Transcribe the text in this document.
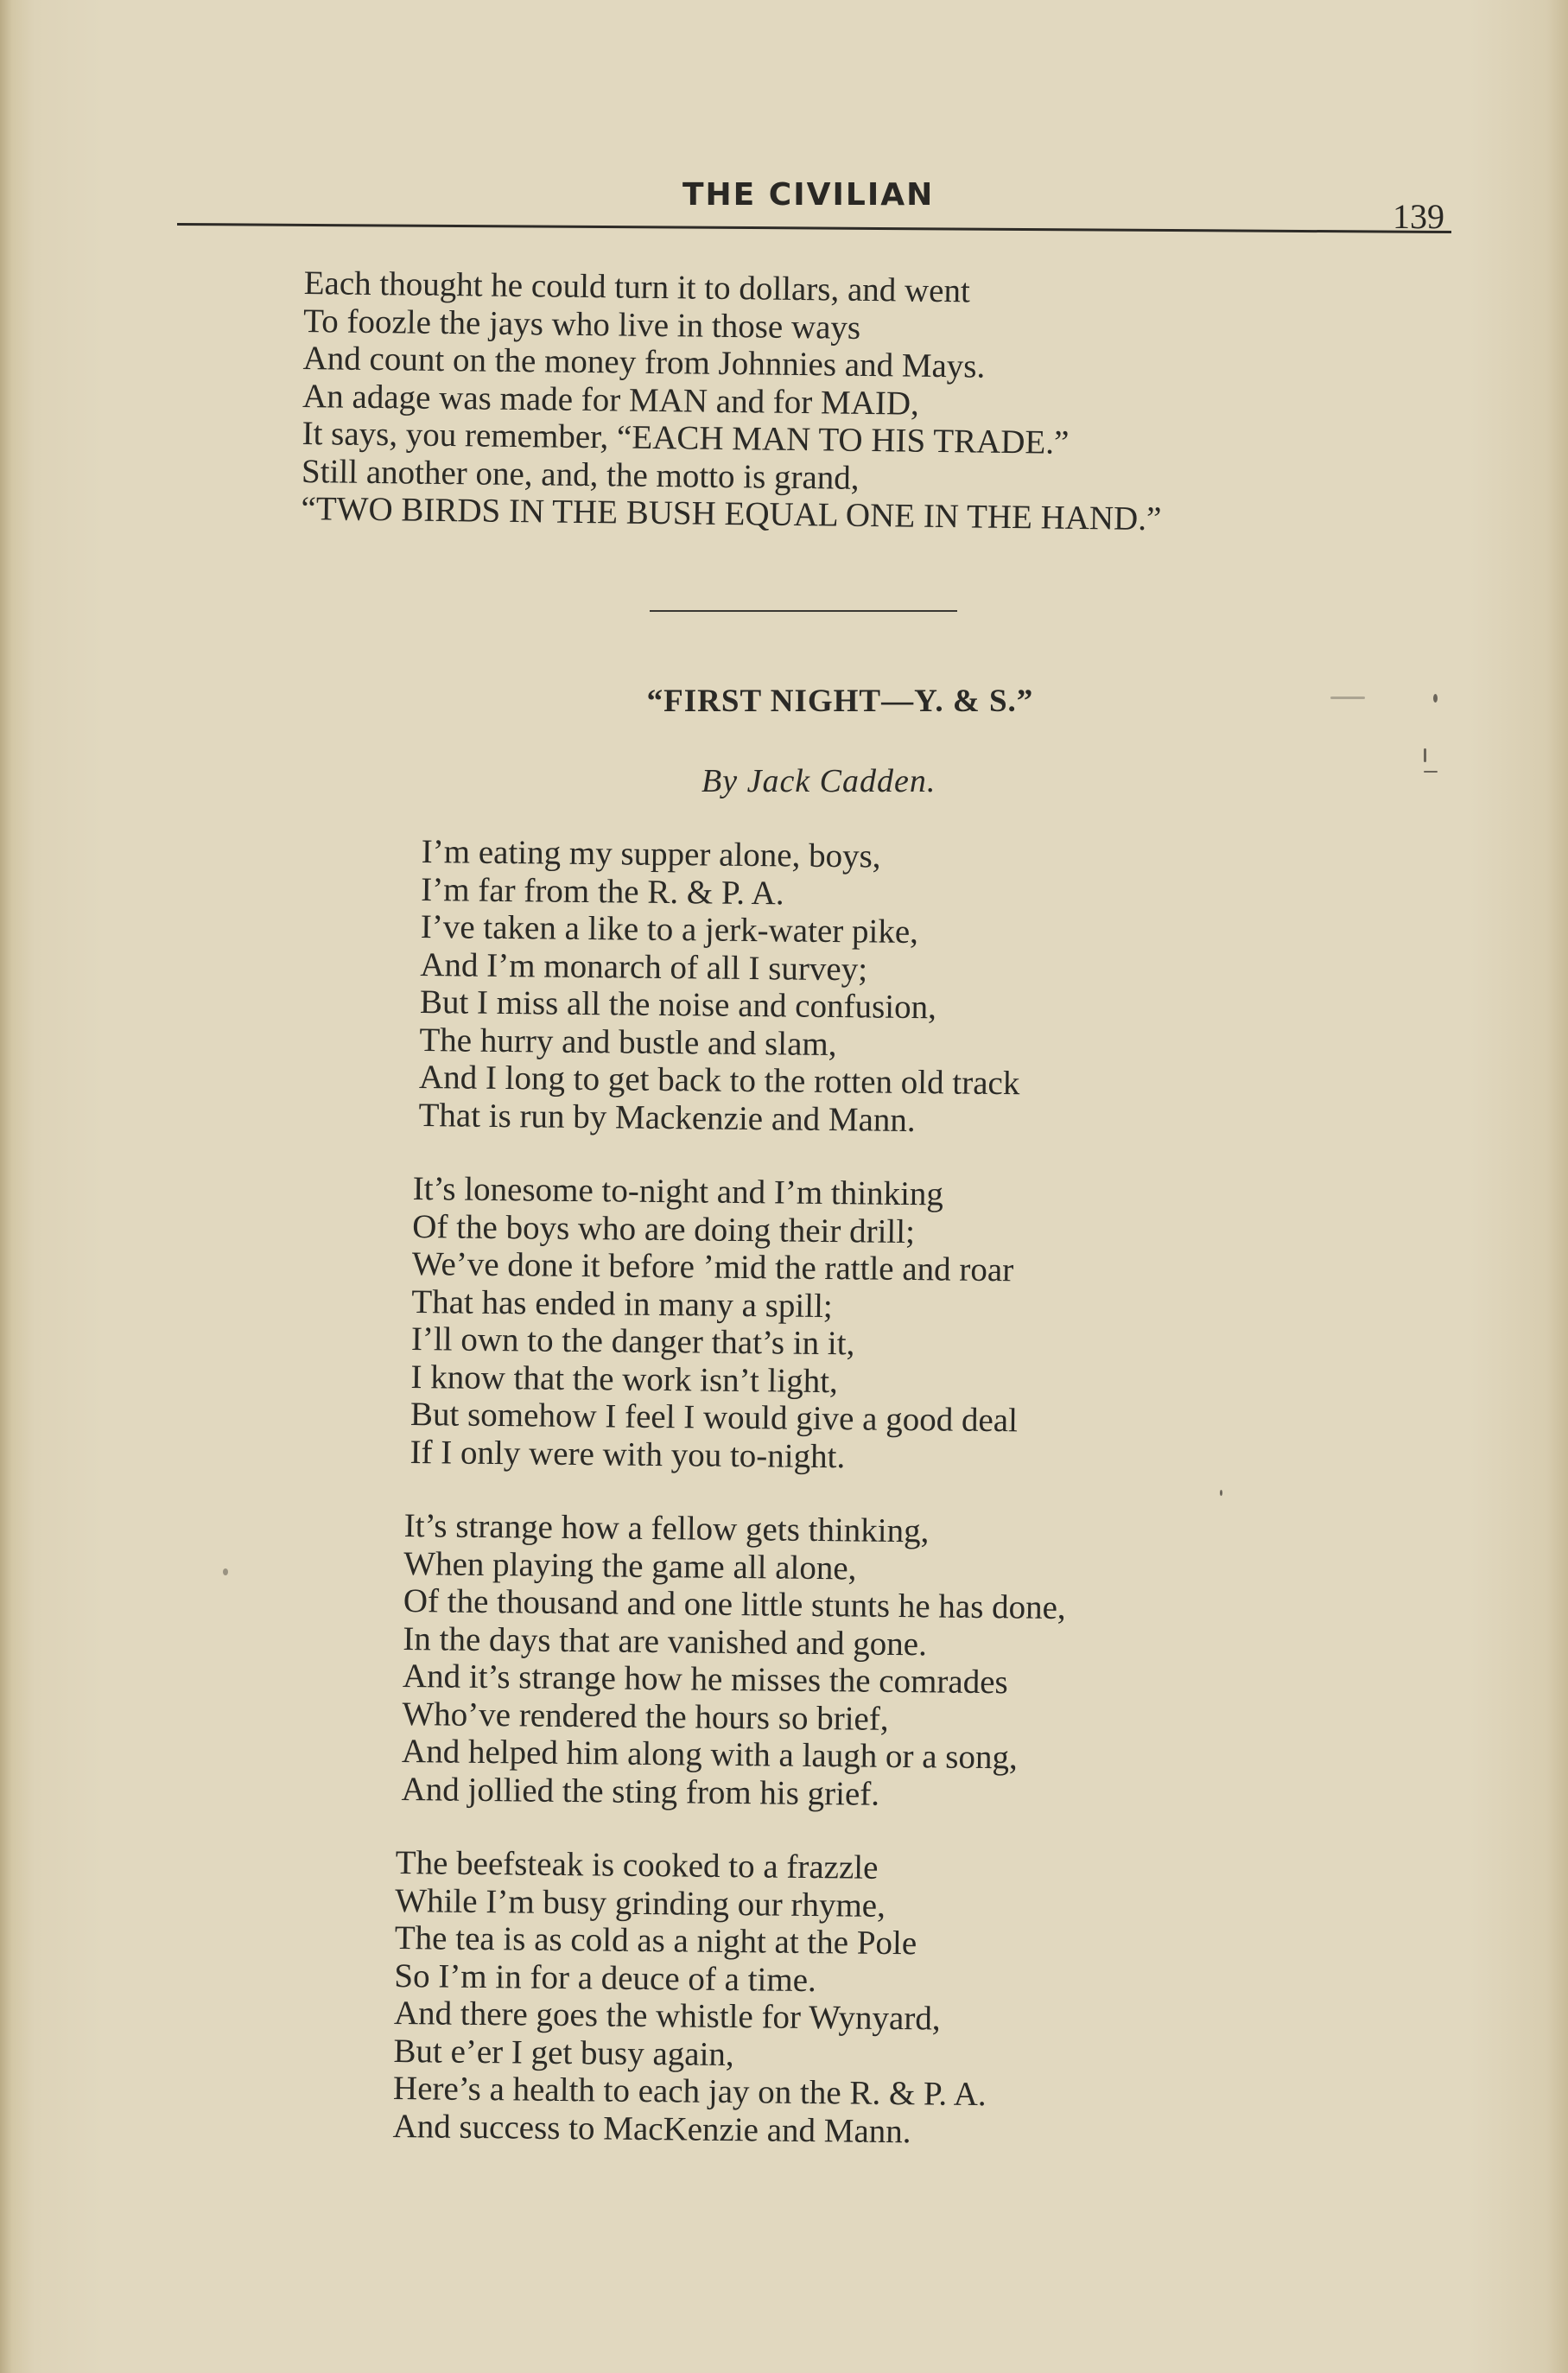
THE CIVILIAN
139
Each thought he could turn it to dollars, and went
To foozle the jays who live in those ways
And count on the money from Johnnies and Mays.
An adage was made for MAN and for MAID,
It says, you remember, “EACH MAN TO HIS TRADE.”
Still another one, and, the motto is grand,
“TWO BIRDS IN THE BUSH EQUAL ONE IN THE HAND.”
“FIRST NIGHT—Y. & S.”
By Jack Cadden.
I’m eating my supper alone, boys,
I’m far from the R. & P. A.
I’ve taken a like to a jerk-water pike,
And I’m monarch of all I survey;
But I miss all the noise and confusion,
The hurry and bustle and slam,
And I long to get back to the rotten old track
That is run by Mackenzie and Mann.
It’s lonesome to-night and I’m thinking
Of the boys who are doing their drill;
We’ve done it before ’mid the rattle and roar
That has ended in many a spill;
I’ll own to the danger that’s in it,
I know that the work isn’t light,
But somehow I feel I would give a good deal
If I only were with you to-night.
It’s strange how a fellow gets thinking,
When playing the game all alone,
Of the thousand and one little stunts he has done,
In the days that are vanished and gone.
And it’s strange how he misses the comrades
Who’ve rendered the hours so brief,
And helped him along with a laugh or a song,
And jollied the sting from his grief.
The beefsteak is cooked to a frazzle
While I’m busy grinding our rhyme,
The tea is as cold as a night at the Pole
So I’m in for a deuce of a time.
And there goes the whistle for Wynyard,
But e’er I get busy again,
Here’s a health to each jay on the R. & P. A.
And success to MacKenzie and Mann.
